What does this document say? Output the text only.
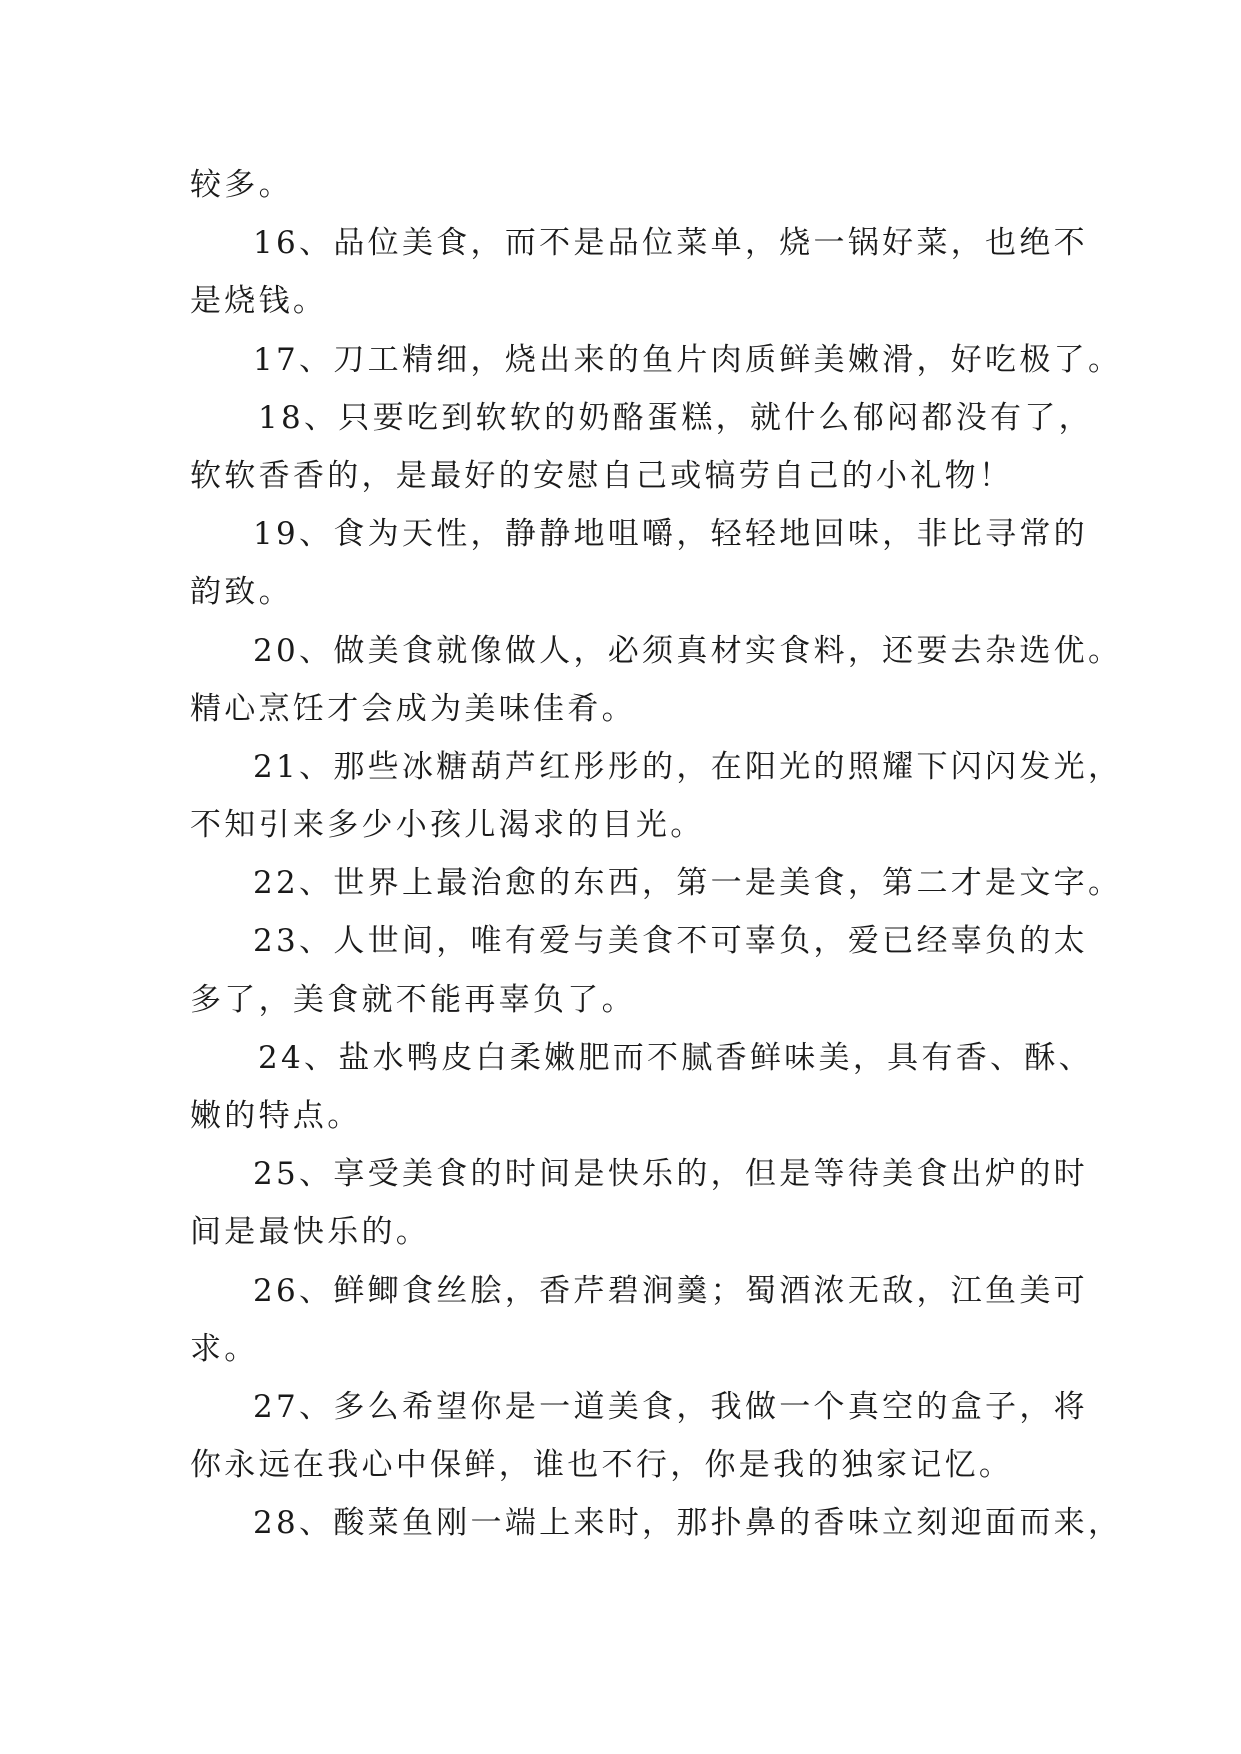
较多。
16、品位美食，而不是品位菜单，烧一锅好菜，也绝不
是烧钱。
17、刀工精细，烧出来的鱼片肉质鲜美嫩滑，好吃极了。
18、只要吃到软软的奶酪蛋糕，就什么郁闷都没有了，
软软香香的，是最好的安慰自己或犒劳自己的小礼物！
19、食为天性，静静地咀嚼，轻轻地回味，非比寻常的
韵致。
20、做美食就像做人，必须真材实食料，还要去杂选优。
精心烹饪才会成为美味佳肴。
21、那些冰糖葫芦红彤彤的，在阳光的照耀下闪闪发光，
不知引来多少小孩儿渴求的目光。
22、世界上最治愈的东西，第一是美食，第二才是文字。
23、人世间，唯有爱与美食不可辜负，爱已经辜负的太
多了，美食就不能再辜负了。
24、盐水鸭皮白柔嫩肥而不腻香鲜味美，具有香、酥、
嫩的特点。
25、享受美食的时间是快乐的，但是等待美食出炉的时
间是最快乐的。
26、鲜鲫食丝脍，香芹碧涧羹；蜀酒浓无敌，江鱼美可
求。
27、多么希望你是一道美食，我做一个真空的盒子，将
你永远在我心中保鲜，谁也不行，你是我的独家记忆。
28、酸菜鱼刚一端上来时，那扑鼻的香味立刻迎面而来，
